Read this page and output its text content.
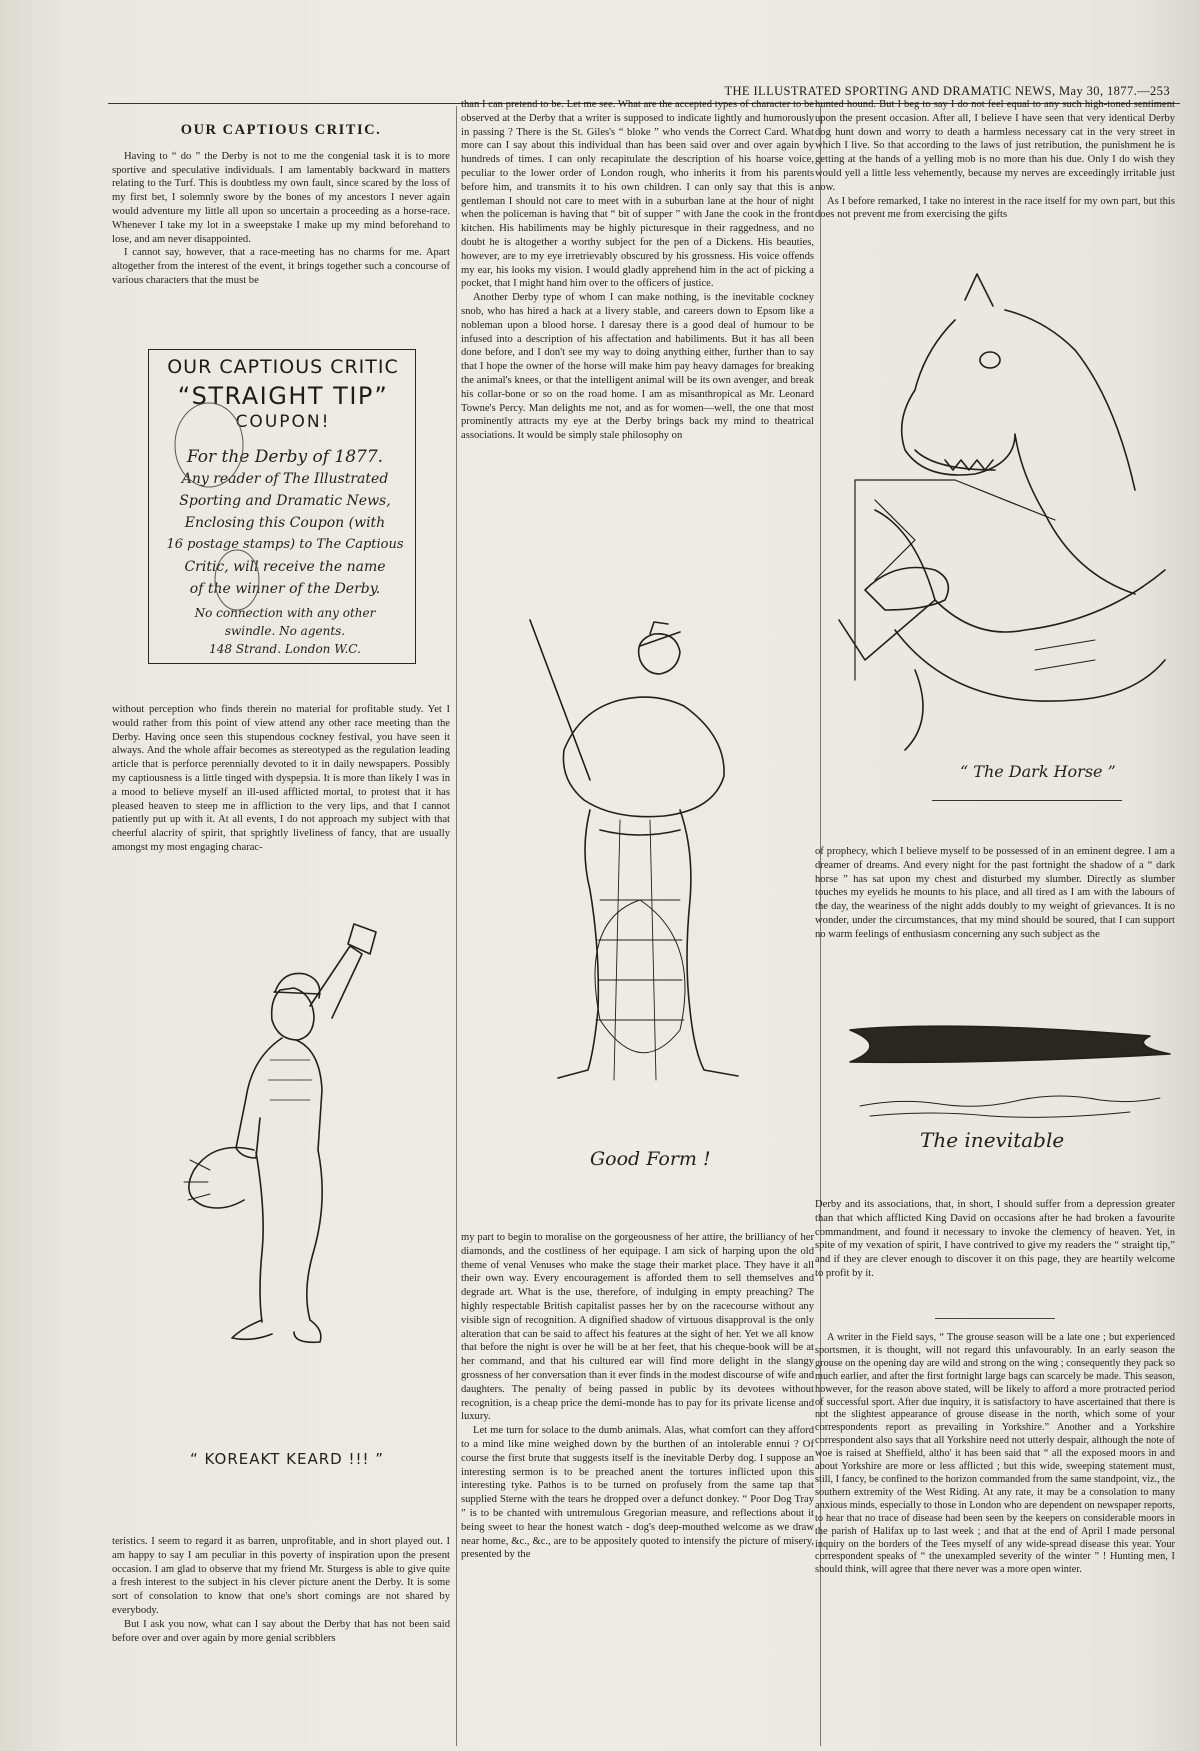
THE ILLUSTRATED SPORTING AND DRAMATIC NEWS, May 30, 1877.—253

OUR CAPTIOUS CRITIC.

Having to “ do ” the Derby is not to me the congenial task it is to more sportive and speculative individuals. I am lamentably backward in matters relating to the Turf. This is doubtless my own fault, since scared by the loss of my first bet, I solemnly swore by the bones of my ancestors I never again would adventure my little all upon so uncertain a proceeding as a horse-race. Whenever I take my lot in a sweepstake I make up my mind beforehand to lose, and am never disappointed.

I cannot say, however, that a race-meeting has no charms for me. Apart altogether from the interest of the event, it brings together such a concourse of various characters that the must be

OUR CAPTIOUS CRITIC
“STRAIGHT TIP”
COUPON!
For the Derby of 1877.
Any reader of The Illustrated
Sporting and Dramatic News,
Enclosing this Coupon (with
16 postage stamps) to The Captious
Critic, will receive the name
of the winner of the Derby.
No connection with any other
swindle. No agents.
148 Strand. London W.C.

without perception who finds therein no material for profitable study. Yet I would rather from this point of view attend any other race meeting than the Derby. Having once seen this stupendous cockney festival, you have seen it always. And the whole affair becomes as stereotyped as the regulation leading article that is perforce perennially devoted to it in daily newspapers. Possibly my captiousness is a little tinged with dyspepsia. It is more than likely I was in a mood to believe myself an ill-used afflicted mortal, to protest that it has pleased heaven to steep me in affliction to the very lips, and that I cannot patiently put up with it. At all events, I do not approach my subject with that cheerful alacrity of spirit, that sprightly liveliness of fancy, that are usually amongst my most engaging charac-

“ KOREAKT KEARD !!! ”

teristics. I seem to regard it as barren, unprofitable, and in short played out. I am happy to say I am peculiar in this poverty of inspiration upon the present occasion. I am glad to observe that my friend Mr. Sturgess is able to give quite a fresh interest to the subject in his clever picture anent the Derby. It is some sort of consolation to know that one's short comings are not shared by everybody.

But I ask you now, what can I say about the Derby that has not been said before over and over again by more genial scribblers

than I can pretend to be. Let me see. What are the accepted types of character to be observed at the Derby that a writer is supposed to indicate lightly and humorously in passing ? There is the St. Giles's “ bloke ” who vends the Correct Card. What more can I say about this individual than has been said over and over again by hundreds of times. I can only recapitulate the description of his hoarse voice, peculiar to the lower order of London rough, who inherits it from his parents before him, and transmits it to his own children. I can only say that this is a gentleman I should not care to meet with in a suburban lane at the hour of night when the policeman is having that “ bit of supper ” with Jane the cook in the front kitchen. His habiliments may be highly picturesque in their raggedness, and no doubt he is altogether a worthy subject for the pen of a Dickens. His beauties, however, are to my eye irretrievably obscured by his grossness. His voice offends my ear, his looks my vision. I would gladly apprehend him in the act of picking a pocket, that I might hand him over to the officers of justice.

Another Derby type of whom I can make nothing, is the inevitable cockney snob, who has hired a hack at a livery stable, and careers down to Epsom like a nobleman upon a blood horse. I daresay there is a good deal of humour to be infused into a description of his affectation and habiliments. But it has all been done before, and I don't see my way to doing anything either, further than to say that I hope the owner of the horse will make him pay heavy damages for breaking the animal's knees, or that the intelligent animal will be its own avenger, and break his collar-bone or so on the road home. I am as misanthropical as Mr. Leonard Towne's Percy. Man delights me not, and as for women—well, the one that most prominently attracts my eye at the Derby brings back my mind to theatrical associations. It would be simply stale philosophy on

Good Form !

my part to begin to moralise on the gorgeousness of her attire, the brilliancy of her diamonds, and the costliness of her equipage. I am sick of harping upon the old theme of venal Venuses who make the stage their market place. They have it all their own way. Every encouragement is afforded them to sell themselves and degrade art. What is the use, therefore, of indulging in empty preaching? The highly respectable British capitalist passes her by on the racecourse without any visible sign of recognition. A dignified shadow of virtuous disapproval is the only alteration that can be said to affect his features at the sight of her. Yet we all know that before the night is over he will be at her feet, that his cheque-book will be at her command, and that his cultured ear will find more delight in the slangy grossness of her conversation than it ever finds in the modest discourse of wife and daughters. The penalty of being passed in public by its devotees without recognition, is a cheap price the demi-monde has to pay for its private license and luxury.

Let me turn for solace to the dumb animals. Alas, what comfort can they afford to a mind like mine weighed down by the burthen of an intolerable ennui ? Of course the first brute that suggests itself is the inevitable Derby dog. I suppose an interesting sermon is to be preached anent the tortures inflicted upon this interesting tyke. Pathos is to be turned on profusely from the same tap that supplied Sterne with the tears he dropped over a defunct donkey. “ Poor Dog Tray ” is to be chanted with untremulous Gregorian measure, and reflections about it being sweet to hear the honest watch - dog's deep-mouthed welcome as we draw near home, &c., &c., are to be appositely quoted to intensify the picture of misery, presented by the

hunted hound. But I beg to say I do not feel equal to any such high-toned sentiment upon the present occasion. After all, I believe I have seen that very identical Derby dog hunt down and worry to death a harmless necessary cat in the very street in which I live. So that according to the laws of just retribution, the punishment he is getting at the hands of a yelling mob is no more than his due. Only I do wish they would yell a little less vehemently, because my nerves are exceedingly irritable just now.

As I before remarked, I take no interest in the race itself for my own part, but this does not prevent me from exercising the gifts

“ The Dark Horse ”

of prophecy, which I believe myself to be possessed of in an eminent degree. I am a dreamer of dreams. And every night for the past fortnight the shadow of a “ dark horse ” has sat upon my chest and disturbed my slumber. Directly as slumber touches my eyelids he mounts to his place, and all tired as I am with the labours of the day, the weariness of the night adds doubly to my weight of grievances. It is no wonder, under the circumstances, that my mind should be soured, that I can support no warm feelings of enthusiasm concerning any such subject as the

The inevitable

Derby and its associations, that, in short, I should suffer from a depression greater than that which afflicted King David on occasions after he had broken a favourite commandment, and found it necessary to invoke the clemency of heaven. Yet, in spite of my vexation of spirit, I have contrived to give my readers the “ straight tip,” and if they are clever enough to discover it on this page, they are heartily welcome to profit by it.

A writer in the Field says, “ The grouse season will be a late one ; but experienced sportsmen, it is thought, will not regard this unfavourably. In an early season the grouse on the opening day are wild and strong on the wing ; consequently they pack so much earlier, and after the first fortnight large bags can scarcely be made. This season, however, for the reason above stated, will be likely to afford a more protracted period of successful sport. After due inquiry, it is satisfactory to have ascertained that there is not the slightest appearance of grouse disease in the north, which some of your correspondents report as prevailing in Yorkshire.” Another and a Yorkshire correspondent also says that all Yorkshire need not utterly despair, although the note of woe is raised at Sheffield, altho' it has been said that “ all the exposed moors in and about Yorkshire are more or less afflicted ; but this wide, sweeping statement must, still, I fancy, be confined to the horizon commanded from the same standpoint, viz., the southern extremity of the West Riding. At any rate, it may be a consolation to many anxious minds, especially to those in London who are dependent on newspaper reports, to hear that no trace of disease had been seen by the keepers on considerable moors in the parish of Halifax up to last week ; and that at the end of April I made personal inquiry on the borders of the Tees myself of any wide-spread disease this year. Your correspondent speaks of “ the unexampled severity of the winter ” ! Hunting men, I should think, will agree that there never was a more open winter.
